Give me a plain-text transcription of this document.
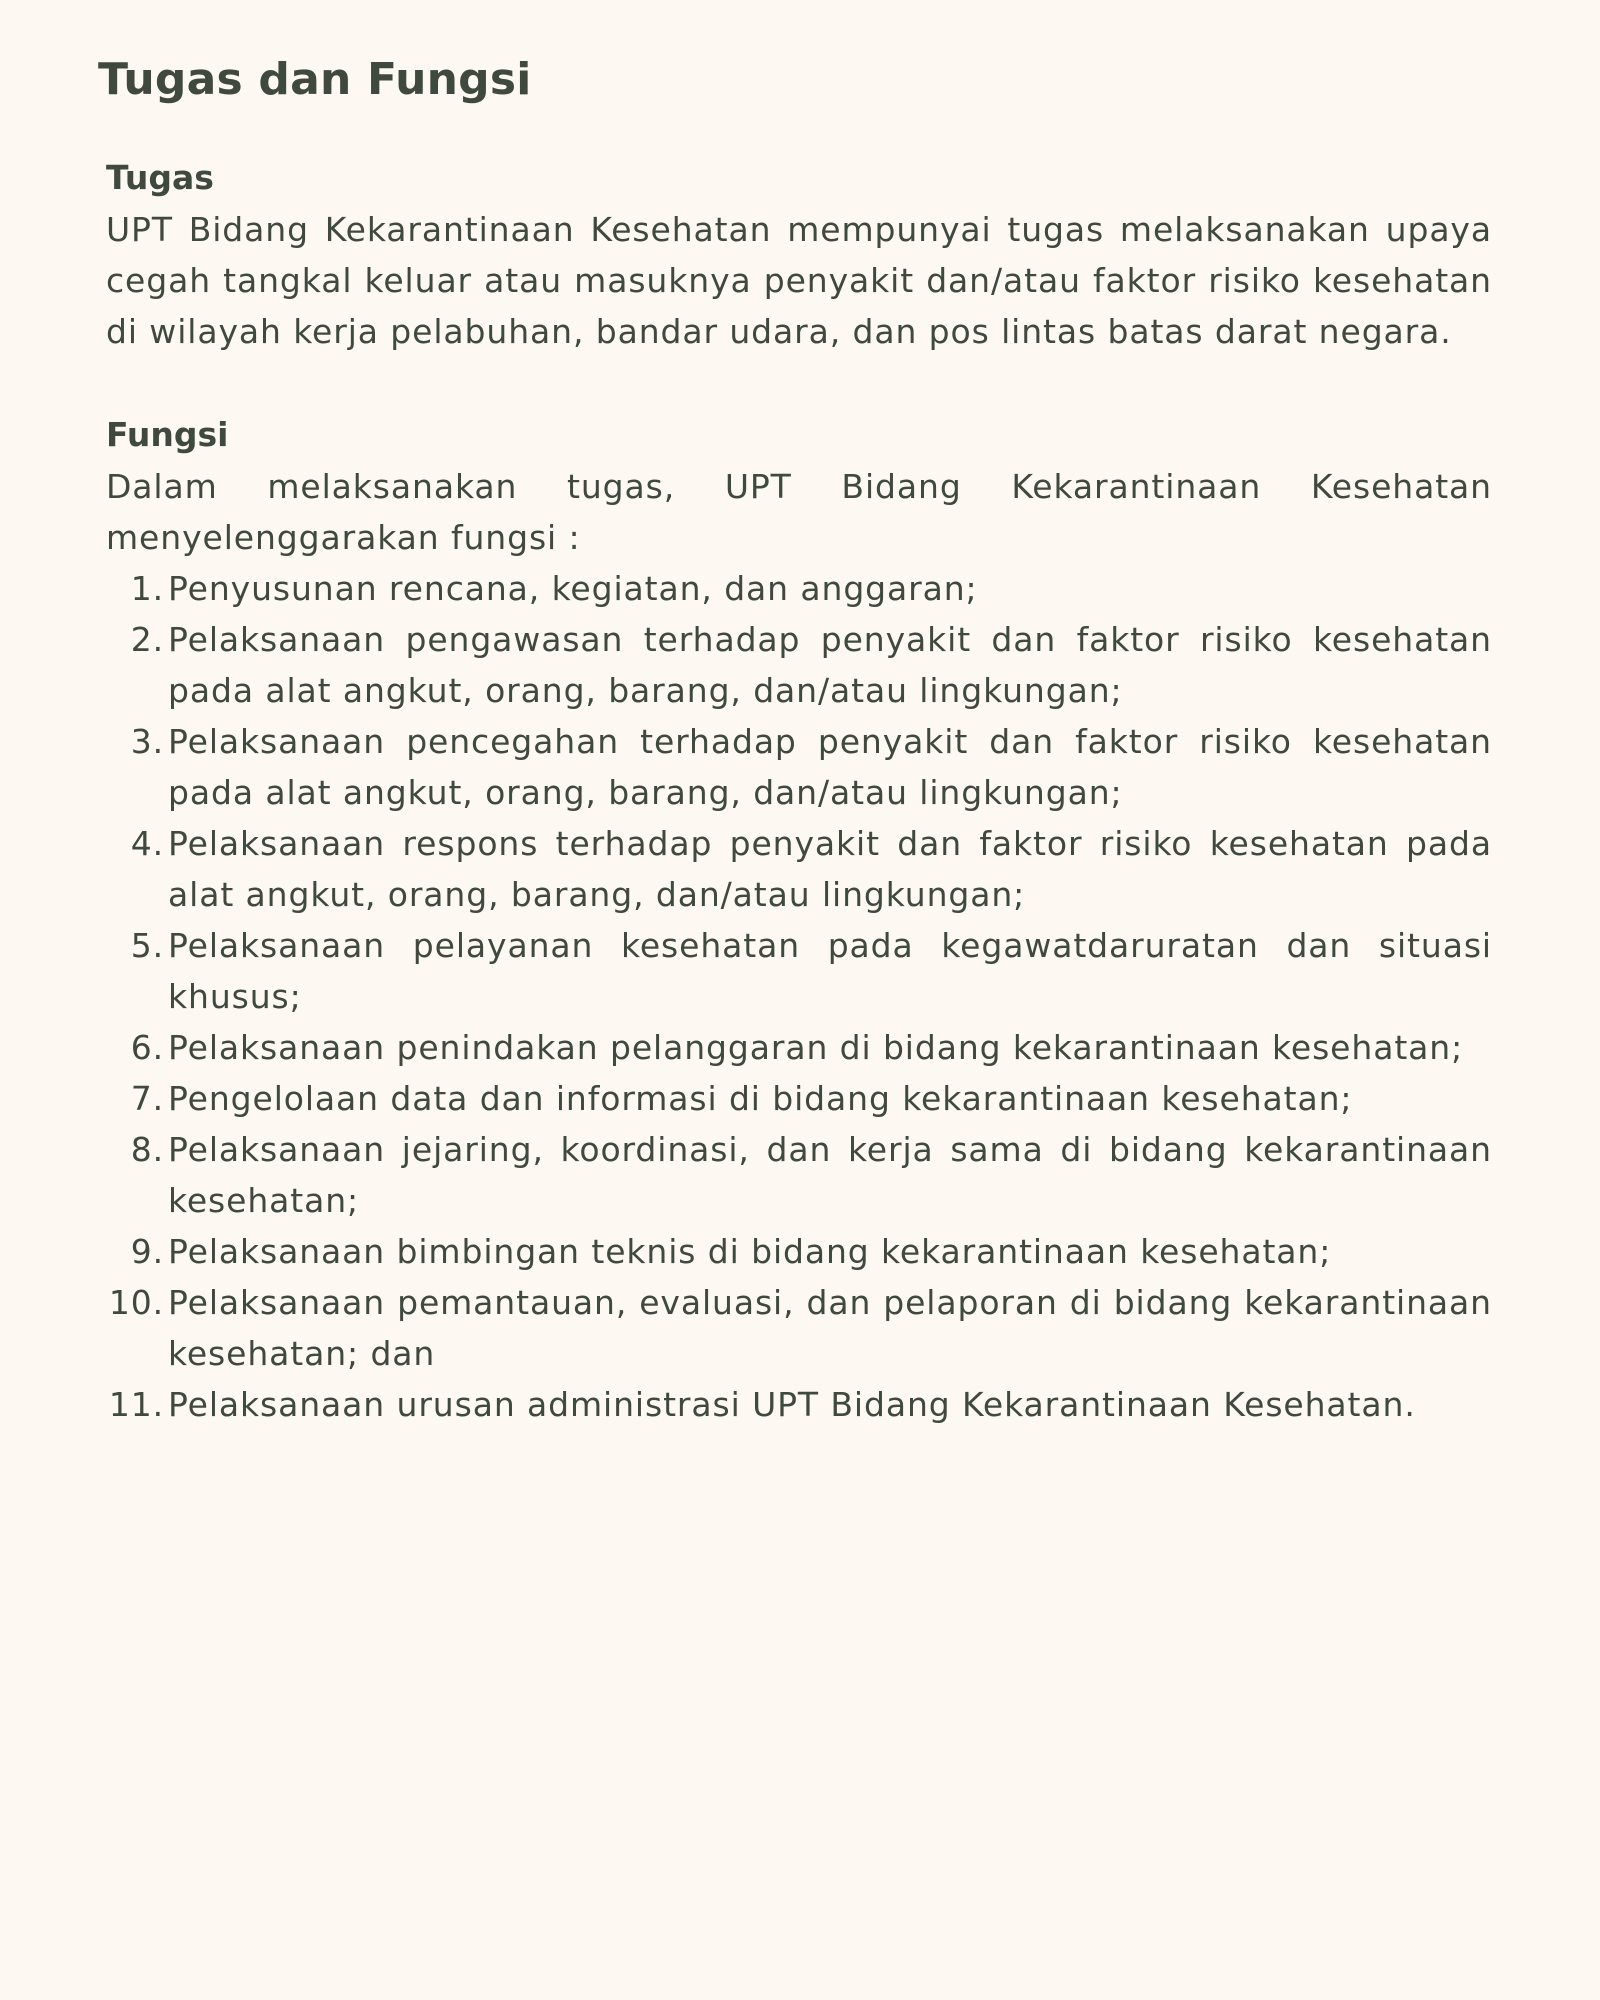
Tugas dan Fungsi
Tugas

UPT Bidang Kekarantinaan Kesehatan mempunyai tugas melaksanakan upaya cegah tangkal keluar atau masuknya penyakit dan/atau faktor risiko kesehatan di wilayah kerja pelabuhan, bandar udara, dan pos lintas batas darat negara.

Fungsi

Dalam melaksanakan tugas, UPT Bidang Kekarantinaan Kesehatan menyelenggarakan fungsi :

1. Penyusunan rencana, kegiatan, dan anggaran;
2. Pelaksanaan pengawasan terhadap penyakit dan faktor risiko kesehatan pada alat angkut, orang, barang, dan/atau lingkungan;
3. Pelaksanaan pencegahan terhadap penyakit dan faktor risiko kesehatan pada alat angkut, orang, barang, dan/atau lingkungan;
4. Pelaksanaan respons terhadap penyakit dan faktor risiko kesehatan pada alat angkut, orang, barang, dan/atau lingkungan;
5. Pelaksanaan pelayanan kesehatan pada kegawatdaruratan dan situasi khusus;
6. Pelaksanaan penindakan pelanggaran di bidang kekarantinaan kesehatan;
7. Pengelolaan data dan informasi di bidang kekarantinaan kesehatan;
8. Pelaksanaan jejaring, koordinasi, dan kerja sama di bidang kekarantinaan kesehatan;
9. Pelaksanaan bimbingan teknis di bidang kekarantinaan kesehatan;
10. Pelaksanaan pemantauan, evaluasi, dan pelaporan di bidang kekarantinaan kesehatan; dan
11. Pelaksanaan urusan administrasi UPT Bidang Kekarantinaan Kesehatan.
